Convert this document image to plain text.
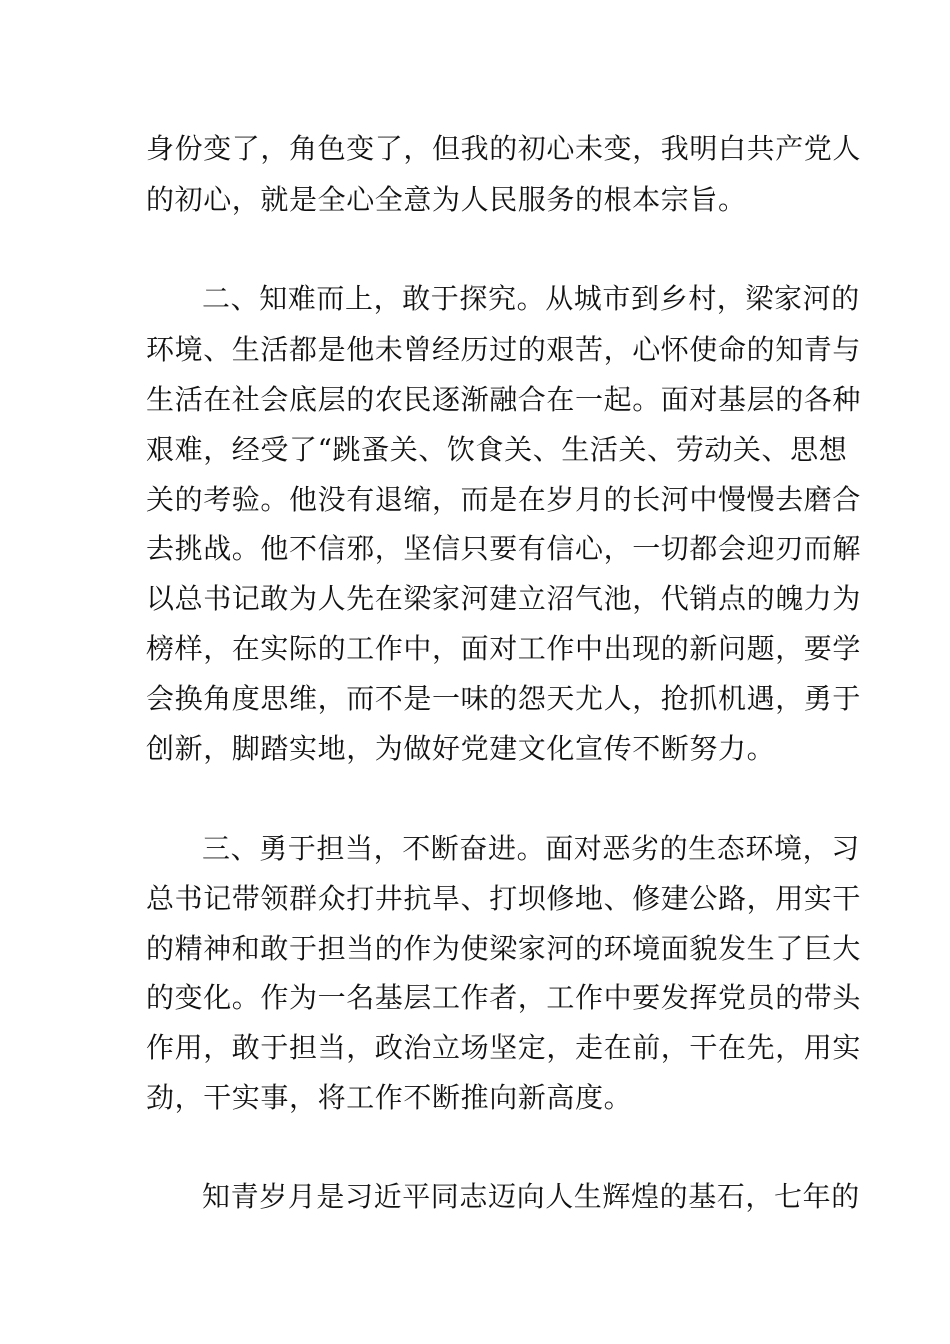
身份变了，角色变了，但我的初心未变，我明白共产党人

的初心，就是全心全意为人民服务的根本宗旨。

二、知难而上，敢于探究。从城市到乡村，梁家河的

环境、生活都是他未曾经历过的艰苦，心怀使命的知青与

生活在社会底层的农民逐渐融合在一起。面对基层的各种

艰难，经受了“跳蚤关、饮食关、生活关、劳动关、思想

关的考验。他没有退缩，而是在岁月的长河中慢慢去磨合

去挑战。他不信邪，坚信只要有信心，一切都会迎刃而解

以总书记敢为人先在梁家河建立沼气池，代销点的魄力为

榜样，在实际的工作中，面对工作中出现的新问题，要学

会换角度思维，而不是一味的怨天尤人，抢抓机遇，勇于

创新，脚踏实地，为做好党建文化宣传不断努力。

三、勇于担当，不断奋进。面对恶劣的生态环境，习

总书记带领群众打井抗旱、打坝修地、修建公路，用实干

的精神和敢于担当的作为使梁家河的环境面貌发生了巨大

的变化。作为一名基层工作者，工作中要发挥党员的带头

作用，敢于担当，政治立场坚定，走在前，干在先，用实

劲，干实事，将工作不断推向新高度。

知青岁月是习近平同志迈向人生辉煌的基石，七年的
